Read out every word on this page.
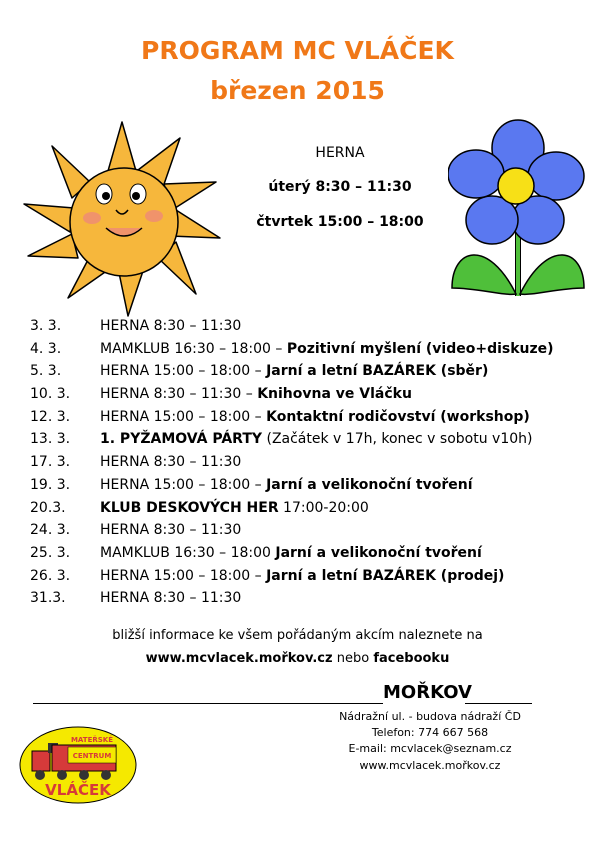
PROGRAM MC VLÁČEK
březen 2015
HERNA
úterý 8:30 – 11:30
čtvrtek 15:00 – 18:00
3. 3.	HERNA 8:30 – 11:30
4. 3.	MAMKLUB 16:30 – 18:00 – Pozitivní myšlení (video+diskuze)
5. 3.	HERNA 15:00 – 18:00 – Jarní a letní BAZÁREK (sběr)
10. 3. HERNA 8:30 – 11:30 – Knihovna ve Vláčku
12. 3. HERNA 15:00 – 18:00 – Kontaktní rodičovství (workshop)
13. 3. 1. PYŽAMOVÁ PÁRTY (Začátek v 17h, konec v sobotu v10h)
17. 3. HERNA 8:30 – 11:30
19. 3. HERNA 15:00 – 18:00 – Jarní a velikonoční tvoření
20.3. KLUB DESKOVÝCH HER 17:00-20:00
24. 3. HERNA 8:30 – 11:30
25. 3. MAMKLUB 16:30 – 18:00 Jarní a velikonoční tvoření
26. 3. HERNA 15:00 – 18:00 – Jarní a letní BAZÁREK (prodej)
31.3. HERNA 8:30 – 11:30
bližší informace ke všem pořádaným akcím naleznete na
www.mcvlacek.mořkov.cz nebo facebooku
MOŘKOV
Nádražní ul. - budova nádraží ČD
Telefon: 774 667 568
E-mail: mcvlacek@seznam.cz
www.mcvlacek.mořkov.cz
MATEŘSKÉ
CENTRUM
VLÁČEK
